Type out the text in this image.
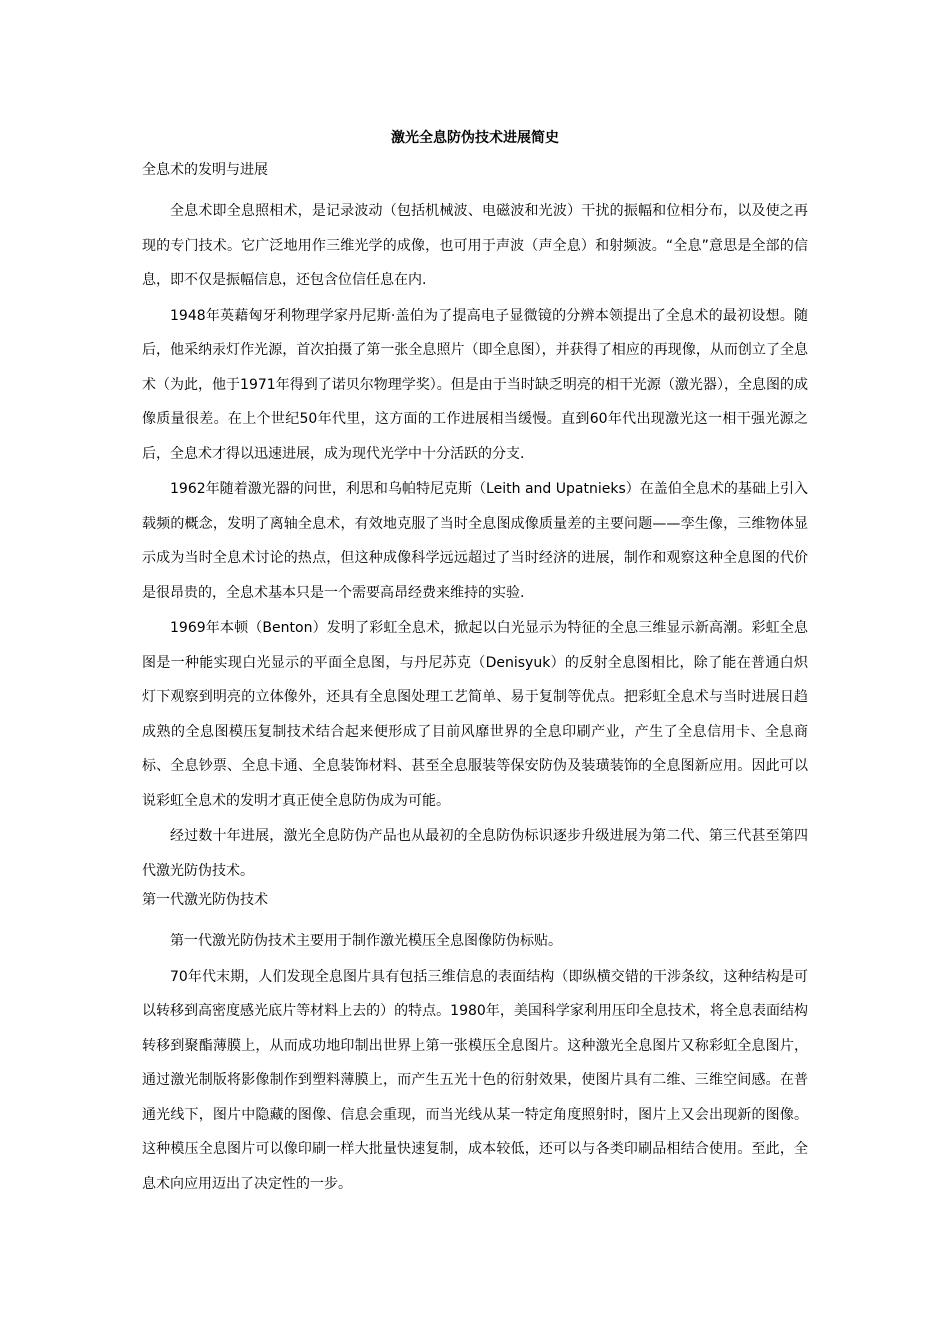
激光全息防伪技术进展简史
全息术的发明与进展

全息术即全息照相术，是记录波动（包括机械波、电磁波和光波）干扰的振幅和位相分布，以及使之再现的专门技术。它广泛地用作三维光学的成像，也可用于声波（声全息）和射频波。“全息”意思是全部的信息，即不仅是振幅信息，还包含位信任息在内.

1948年英藉匈牙利物理学家丹尼斯·盖伯为了提高电子显微镜的分辨本领提出了全息术的最初设想。随后，他采纳汞灯作光源，首次拍摄了第一张全息照片（即全息图），并获得了相应的再现像，从而创立了全息术（为此，他于1971年得到了诺贝尔物理学奖）。但是由于当时缺乏明亮的相干光源（激光器），全息图的成像质量很差。在上个世纪50年代里，这方面的工作进展相当缓慢。直到60年代出现激光这一相干强光源之后，全息术才得以迅速进展，成为现代光学中十分活跃的分支.

1962年随着激光器的问世，利思和乌帕特尼克斯（Leith and Upatnieks）在盖伯全息术的基础上引入载频的概念，发明了离轴全息术，有效地克服了当时全息图成像质量差的主要问题——孪生像，三维物体显示成为当时全息术讨论的热点，但这种成像科学远远超过了当时经济的进展，制作和观察这种全息图的代价是很昂贵的，全息术基本只是一个需要高昂经费来维持的实验.

1969年本顿（Benton）发明了彩虹全息术，掀起以白光显示为特征的全息三维显示新高潮。彩虹全息图是一种能实现白光显示的平面全息图，与丹尼苏克（Denisyuk）的反射全息图相比，除了能在普通白炽灯下观察到明亮的立体像外，还具有全息图处理工艺简单、易于复制等优点。把彩虹全息术与当时进展日趋成熟的全息图模压复制技术结合起来便形成了目前风靡世界的全息印刷产业，产生了全息信用卡、全息商标、全息钞票、全息卡通、全息装饰材料、甚至全息服装等保安防伪及装璜装饰的全息图新应用。因此可以说彩虹全息术的发明才真正使全息防伪成为可能。

经过数十年进展，激光全息防伪产品也从最初的全息防伪标识逐步升级进展为第二代、第三代甚至第四代激光防伪技术。

第一代激光防伪技术

第一代激光防伪技术主要用于制作激光模压全息图像防伪标贴。

70年代末期，人们发现全息图片具有包括三维信息的表面结构（即纵横交错的干涉条纹，这种结构是可以转移到高密度感光底片等材料上去的）的特点。1980年，美国科学家利用压印全息技术，将全息表面结构转移到聚酯薄膜上，从而成功地印制出世界上第一张模压全息图片。这种激光全息图片又称彩虹全息图片，通过激光制版将影像制作到塑料薄膜上，而产生五光十色的衍射效果，使图片具有二维、三维空间感。在普通光线下，图片中隐藏的图像、信息会重现，而当光线从某一特定角度照射时，图片上又会出现新的图像。这种模压全息图片可以像印刷一样大批量快速复制，成本较低，还可以与各类印刷品相结合使用。至此，全息术向应用迈出了决定性的一步。
